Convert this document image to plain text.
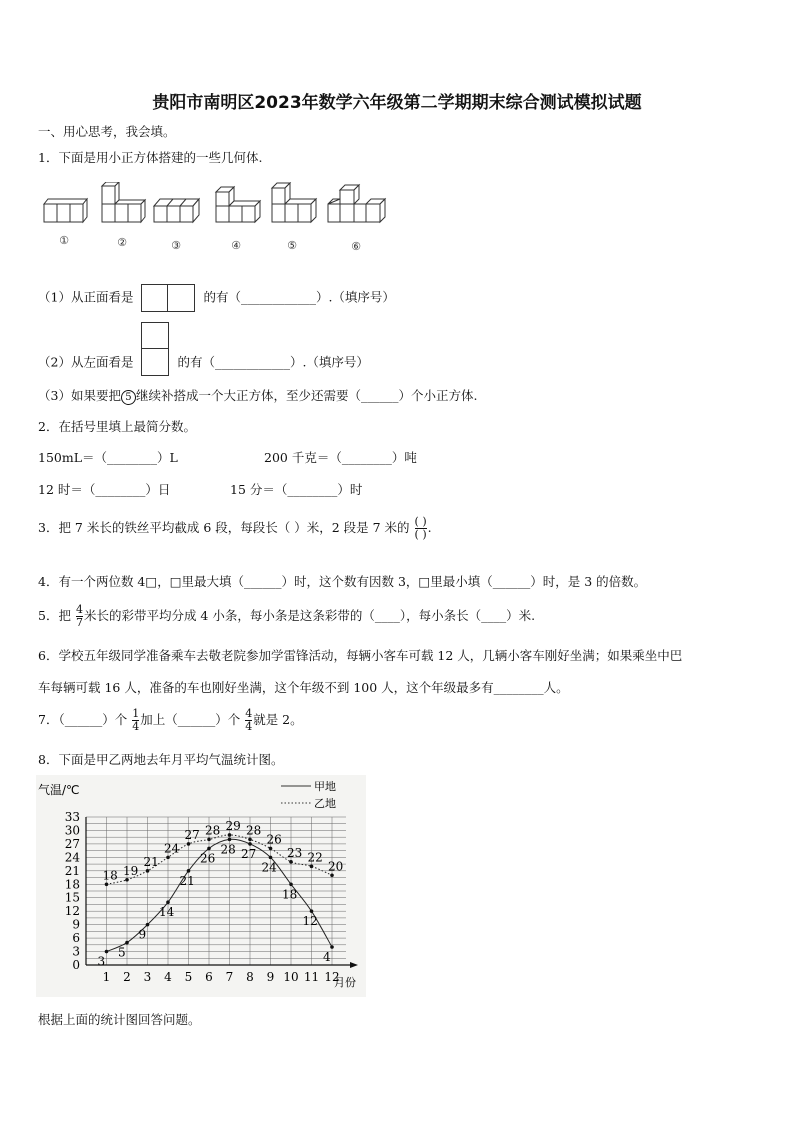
贵阳市南明区2023年数学六年级第二学期期末综合测试模拟试题
一、用心思考，我会填。
1．下面是用小正方体搭建的一些几何体.
①	②	③	④	⑤	⑥
（1）从正面看是	的有（____________）.（填序号）
（2）从左面看是	的有（____________）.（填序号）
（3）如果要把 5 继续补搭成一个大正方体，至少还需要（______）个小正方体.
2．在括号里填上最简分数。
150mL＝（________）L	200 千克＝（________）吨
12 时＝（________）日	15 分＝（________）时
3．把 7 米长的铁丝平均截成 6 段，每段长（ ）米，2 段是 7 米的 $\frac{( )}{( )}$ .
4．有一个两位数 4□，□里最大填（______）时，这个数有因数 3，□里最小填（______）时，是 3 的倍数。
5．把 $\frac{4}{7}$ 米长的彩带平均分成 4 小条，每小条是这条彩带的（____），每小条长（____）米.
6．学校五年级同学准备乘车去敬老院参加学雷锋活动，每辆小客车可载 12 人，几辆小客车刚好坐满；如果乘坐中巴
车每辆可载 16 人，准备的车也刚好坐满，这个年级不到 100 人，这个年级最多有________人。
7．（______）个 $\frac{1}{4}$ 加上（______）个 $\frac{4}{4}$ 就是 2。
8．下面是甲乙两地去年月平均气温统计图。
0
3
6
9
12
15
18
21
24
27
30
33
1 2 3 4 5 6 7 8 9 10 11 12
3
5
9
14
21
26
28 27
24
18
12
4
18 19
21
24
27 28 29 28
26
23 22
20
气温/℃
月份
甲地
乙地
根据上面的统计图回答问题。
